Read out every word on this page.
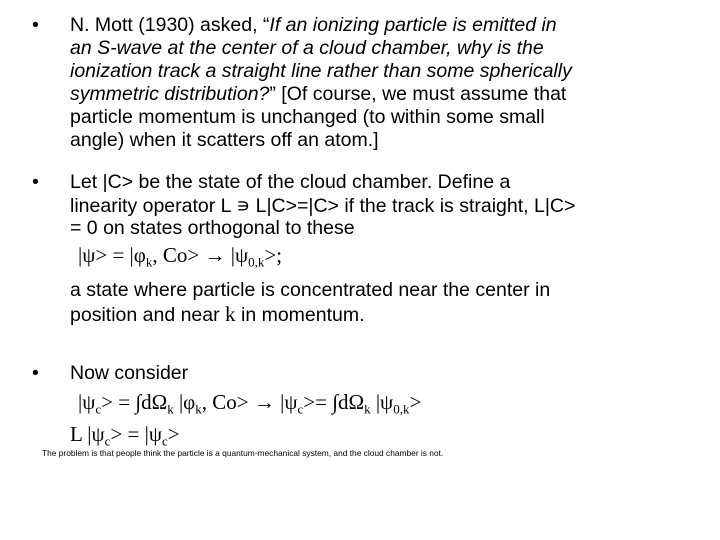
• N. Mott (1930) asked, “If an ionizing particle is emitted in
an S-wave at the center of a cloud chamber, why is the
ionization track a straight line rather than some spherically
symmetric distribution?” [Of course, we must assume that
particle momentum is unchanged (to within some small
angle) when it scatters off an atom.]
• Let |C> be the state of the cloud chamber. Define a
linearity operator L ∍ L|C>=|C> if the track is straight, L|C>
= 0 on states orthogonal to these
$|\psi> = |\varphi_k$, $Co> \to |\psi_{0,k}>$;
a state where particle is concentrated near the center in
position and near k in momentum.
• Now consider
$|\psi_c> = \int d\Omega_k$ $|\varphi_k$, $Co> \to |\psi_c>= \int d\Omega_k$ $|\psi_{0,k}>$
L $|\psi_c> = |\psi_c>$
The problem is that people think the particle is a quantum-mechanical system, and the cloud chamber is not.
